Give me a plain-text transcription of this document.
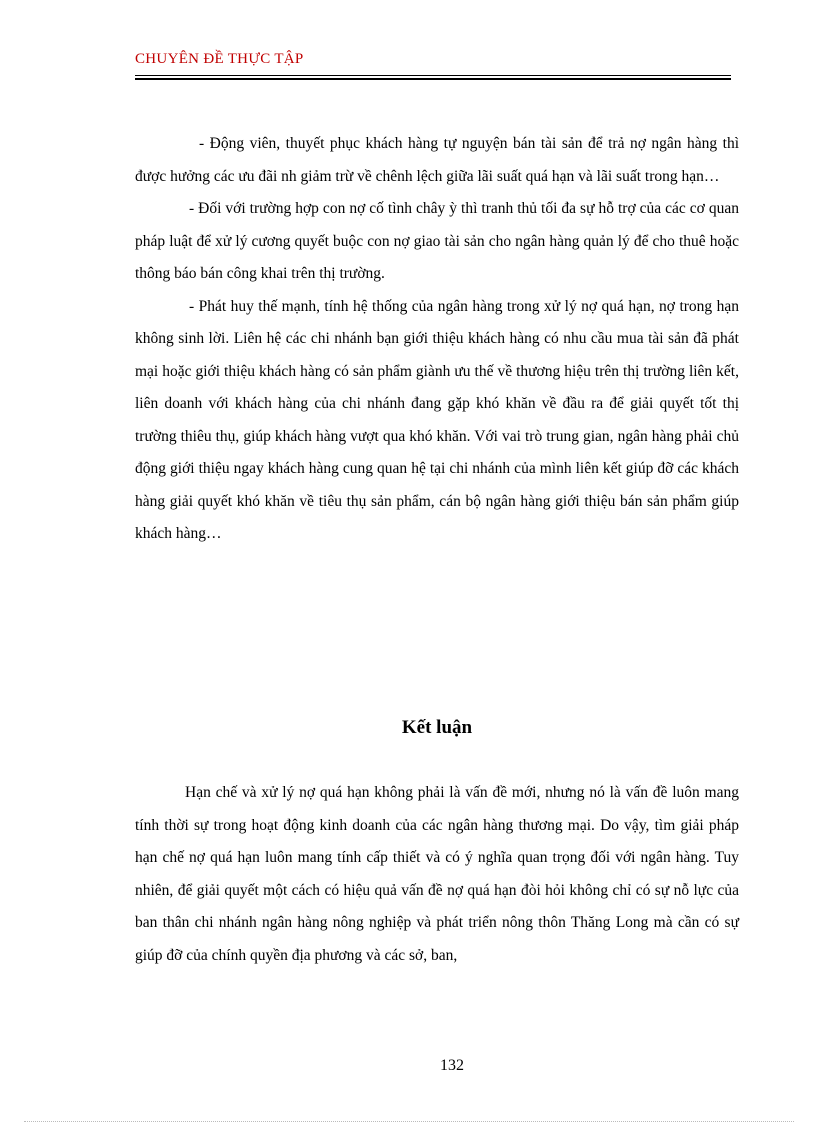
CHUYÊN ĐỀ THỰC TẬP

- Động viên, thuyết phục khách hàng tự nguyện bán tài sản để trả nợ ngân hàng thì được hưởng các ưu đãi nh giảm trừ về chênh lệch giữa lãi suất quá hạn và lãi suất trong hạn…

- Đối với trường hợp con nợ cố tình chây ỳ thì tranh thủ tối đa sự hỗ trợ của các cơ quan pháp luật để xử lý cương quyết buộc con nợ giao tài sản cho ngân hàng quản lý để cho thuê hoặc thông báo bán công khai trên thị trường.

- Phát huy thế mạnh, tính hệ thống của ngân hàng trong xử lý nợ quá hạn, nợ trong hạn không sinh lời. Liên hệ các chi nhánh bạn giới thiệu khách hàng có nhu cầu mua tài sản đã phát mại hoặc giới thiệu khách hàng có sản phẩm giành ưu thế về thương hiệu trên thị trường liên kết, liên doanh với khách hàng của chi nhánh đang gặp khó khăn về đầu ra để giải quyết tốt thị trường thiêu thụ, giúp khách hàng vượt qua khó khăn. Với vai trò trung gian, ngân hàng phải chủ động giới thiệu ngay khách hàng cung quan hệ tại chi nhánh của mình liên kết giúp đỡ các khách hàng giải quyết khó khăn về tiêu thụ sản phẩm, cán bộ ngân hàng giới thiệu bán sản phẩm giúp khách hàng…

Kết luận

Hạn chế và xử lý nợ quá hạn không phải là vấn đề mới, nhưng nó là vấn đề luôn mang tính thời sự trong hoạt động kinh doanh của các ngân hàng thương mại. Do vậy, tìm giải pháp hạn chế nợ quá hạn luôn mang tính cấp thiết và có ý nghĩa quan trọng đối với ngân hàng. Tuy nhiên, để giải quyết một cách có hiệu quả vấn đề nợ quá hạn đòi hỏi không chỉ có sự nỗ lực của ban thân chi nhánh ngân hàng nông nghiệp và phát triển nông thôn Thăng Long mà cần có sự giúp đỡ của chính quyền địa phương và các sở, ban,

132
